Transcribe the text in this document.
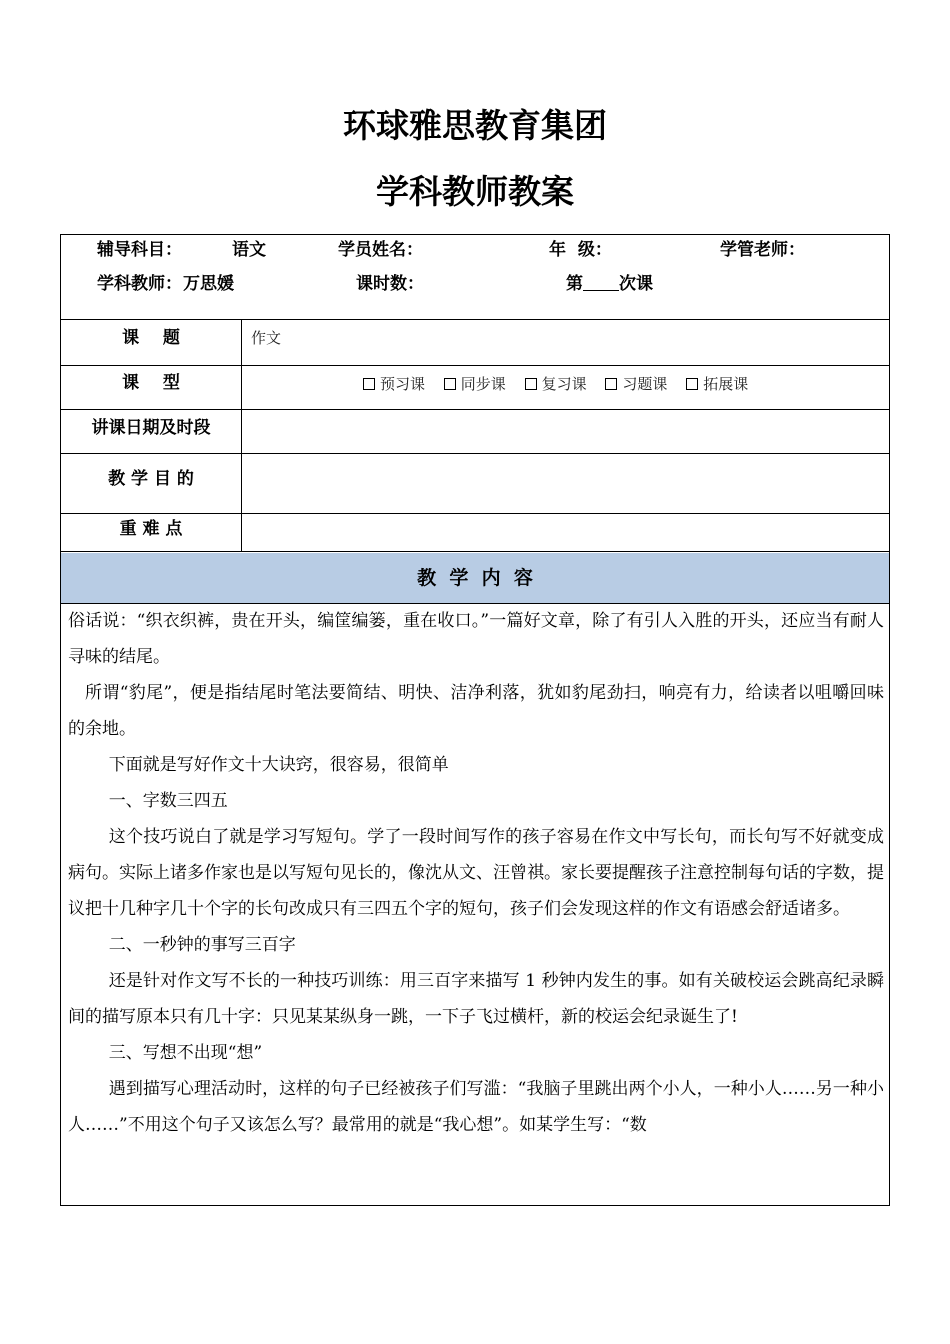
环球雅思教育集团
学科教师教案
辅导科目：	语文	学员姓名：	年  级：	学管老师：
学科教师： 万思媛	课时数：	第 次课
课    题	作文
课    型	预习课 同步课 复习课 习题课 拓展课
讲课日期及时段
教 学 目 的
重 难 点
教  学  内  容

俗话说：“织衣织裤，贵在开头，编筐编篓，重在收口。”一篇好文章，除了有引人入胜的开头，还应当有耐人寻味的结尾。

所谓“豹尾”，便是指结尾时笔法要简结、明快、洁净利落，犹如豹尾劲扫，响亮有力，给读者以咀嚼回味的余地。

下面就是写好作文十大诀窍，很容易，很简单

一、字数三四五

这个技巧说白了就是学习写短句。学了一段时间写作的孩子容易在作文中写长句，而长句写不好就变成病句。实际上诸多作家也是以写短句见长的，像沈从文、汪曾祺。家长要提醒孩子注意控制每句话的字数，提议把十几种字几十个字的长句改成只有三四五个字的短句，孩子们会发现这样的作文有语感会舒适诸多。

二、一秒钟的事写三百字

还是针对作文写不长的一种技巧训练：用三百字来描写 1 秒钟内发生的事。如有关破校运会跳高纪录瞬间的描写原本只有几十字：只见某某纵身一跳，一下子飞过横杆，新的校运会纪录诞生了!

三、写想不出现“想”

遇到描写心理活动时，这样的句子已经被孩子们写滥：“我脑子里跳出两个小人，一种小人……另一种小人……”不用这个句子又该怎么写？最常用的就是“我心想”。如某学生写：“数
